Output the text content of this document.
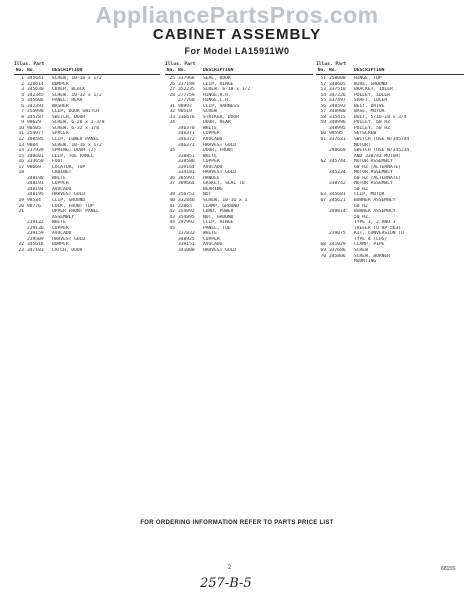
AppliancePartsPros.com
CABINET ASSEMBLY
For Model LA15911W0
Illus. Part
No. No.	DESCRIPTION
1 345641	SCREW, 10-16 x 1/2
2 328614	BUMPER
3 345630	COVER, BLOCK
4 342345	SCREW, 10-32 x 1/2
5 345606	PANEL, REAR
6 342393	WASHER
7 255998	CLIP, DOOR SWITCH
8 345287	SWITCH, DOOR
9 98629	SCREW, 6-20 x 1-3/8
10 90505	SCREW, 6-32 x 1/8
11 254977	SPACER
12 388595	CLIP, LOWER PANEL
13 9804	SCREW, 10-16 x 1/2
14 237939	SPRING, DOOR (2)
15 340601	CLIP, TOE PANEL
16 333650	FOOT
17 98669	LOCATOR, TOP
18	CABINET
348190	WHITE
348191	COPPER
348194	AVOCADO
348195	HARVEST GOLD
19 98534	CLIP, GROUND
20 98776	LOCK, FRONT TOP
21	UPPER FRONT PANEL
ASSEMBLY
239132	WHITE
239136	COPPER
239159	AVOCADO
239509	HARVEST GOLD
22 345616	BUMPER
23 347183	CATCH, DOOR
Illus. Part
No. No.	DESCRIPTION
25 337966	SEAL, DOOR
26 337189	CLIP, HINGE
27 352235	SCREW, 6-18 x 1/2
28 277759	HINGE,R.H.
277760	HINGE,L.H.
31 98997	CLIP, HARNESS
32 90519	SCREW
33 336676	STRIKER, DOOR
34	DOOR, REAR
346370	WHITE
346371	COPPER
346372	AVOCADO
346373	HARVEST GOLD
35	DOOR, FRONT
338851	WHITE
338580	COPPER
339164	AVOCADO
334101	HARVEST GOLD
36 385991	HANDLE
37 389664	GASKET, SEAL TO
BEARING
39 356753	NUT
40 332846	SCREW, 10-16 x 1
41 22865	CLAMP, GROUND
42 354892	CORD, POWER
43 354895	NUT, GROUND
44 297992	CLIP, HINGE
45	PANEL, TOE
337833	WHITE
348925	COPPER
339151	AVOCADO
341088	HARVEST GOLD
Illus. Part
No. No.	DESCRIPTION
51 258008	HINGE, TOP
52 340605	WIRE, GROUND
53 337510	BRACKET, IDLER
54 347226	PULLEY, IDLER
55 337497	SHAFT, IDLER
56 340592	BELT, DRIVE
57 348980	BASE, MOTOR
58 335415	BOLT, 5/16-18 x 3/4
59 348996	PULLEY, 60 HZ
348995	PULLEY, 50 HZ
60 99595	SETSCREW
61 337631	SWITCH (USE W/345744
MOTOR)
298669	SWITCH (USE W/345234
AND 338742 MOTOR)
62 345744	MOTOR ASSEMBLY
60 HZ (ALTERNATE)
345234	MOTOR ASSEMBLY
60 HZ (ALTERNATE)
338742	MOTOR ASSEMBLY
50 HZ
63 345681	CLIP, MOTOR
67 345621	BURNER ASSEMBLY
60 HZ
349814	BURNER ASSEMBLY
50 HZ,
TYPE 1, 2 AND 3
(REFER TO RP-563)
239075	KIT, CONVERSION TO
TYPE 4 (LPG)
68 341029	CLAMP, PIPE
69 337686	SCREW
70 345806	SCREW, BURNER
MOUNTING
FOR ORDERING INFORMATION REFER TO PARTS PRICE LIST
2	6815S
257-B-5
